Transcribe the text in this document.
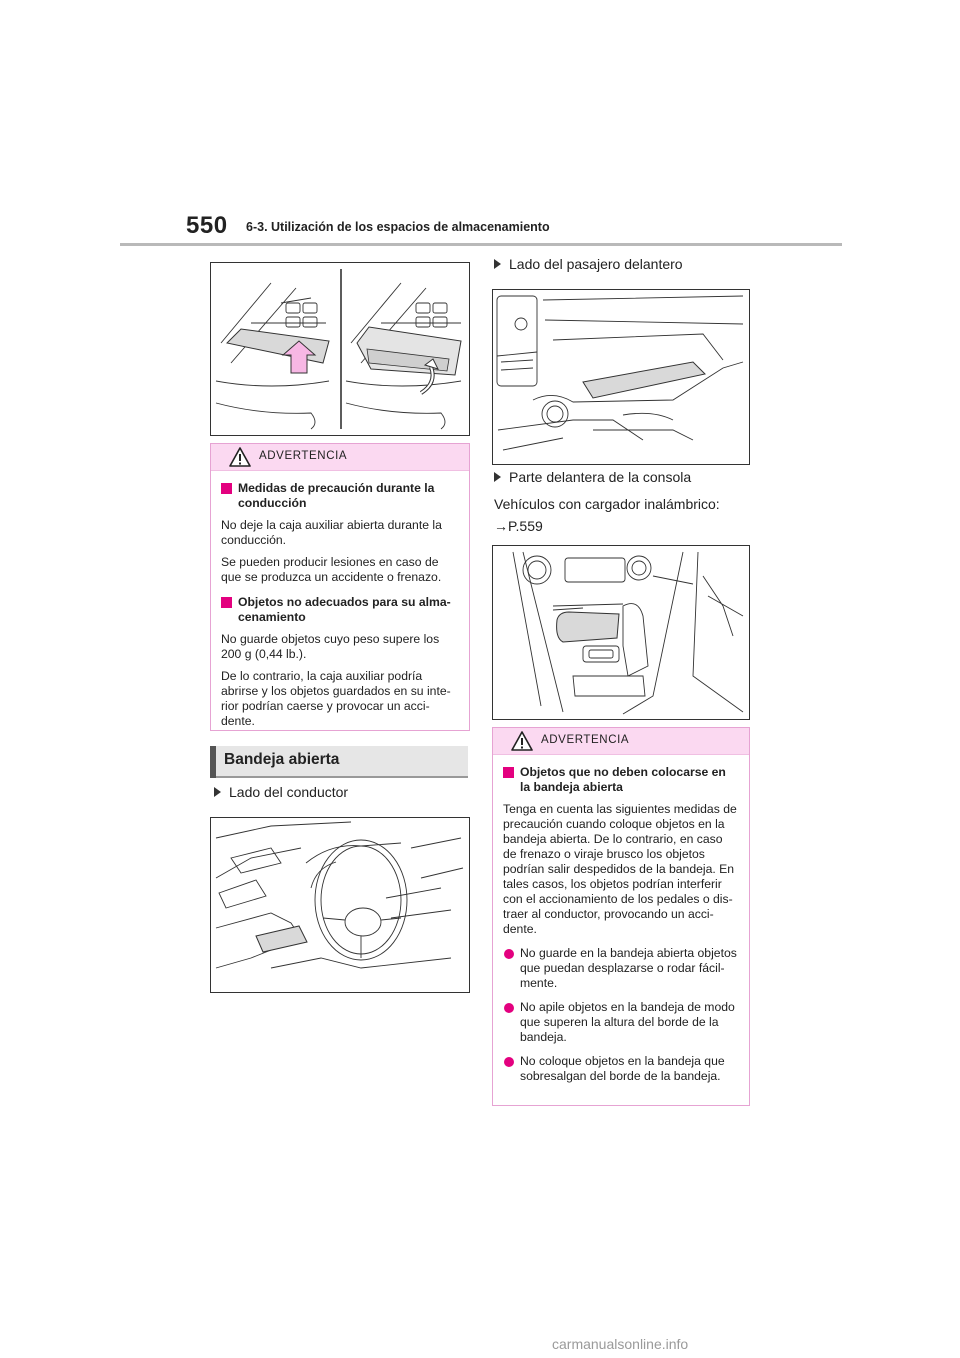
550 6-3. Utilización de los espacios de almacenamiento
ADVERTENCIA
Medidas de precaución durante la conducción

No deje la caja auxiliar abierta durante la conducción.

Se pueden producir lesiones en caso de que se produzca un accidente o frenazo.

Objetos no adecuados para su alma- cenamiento

No guarde objetos cuyo peso supere los 200 g (0,44 lb.).

De lo contrario, la caja auxiliar podría abrirse y los objetos guardados en su inte- rior podrían caerse y provocar un acci- dente.

Bandeja abierta
Lado del conductor
Lado del pasajero delantero
Parte delantera de la consola
Vehículos con cargador inalámbrico:
→P.559
ADVERTENCIA
Objetos que no deben colocarse en la bandeja abierta

Tenga en cuenta las siguientes medidas de precaución cuando coloque objetos en la bandeja abierta. De lo contrario, en caso de frenazo o viraje brusco los objetos podrían salir despedidos de la bandeja. En tales casos, los objetos podrían interferir con el accionamiento de los pedales o dis- traer al conductor, provocando un acci- dente.

No guarde en la bandeja abierta objetos que puedan desplazarse o rodar fácil- mente.
No apile objetos en la bandeja de modo que superen la altura del borde de la bandeja.
No coloque objetos en la bandeja que sobresalgan del borde de la bandeja.
carmanualsonline.info
